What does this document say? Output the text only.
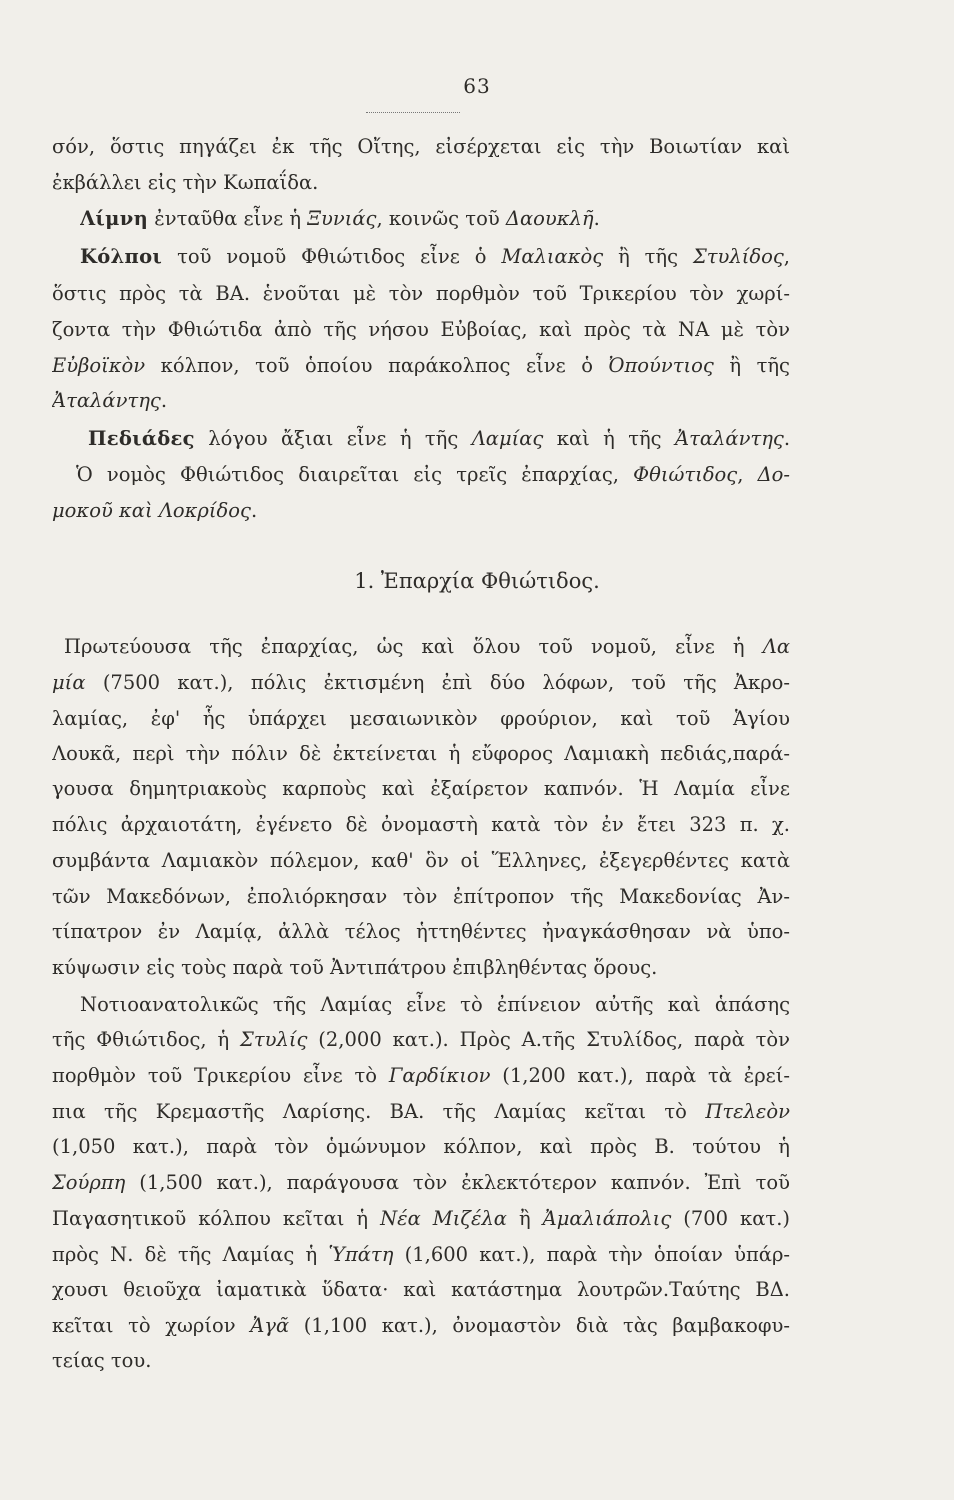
63
σόν, ὅστις πηγάζει ἐκ τῆς Οἴτης, εἰσέρχεται εἰς τὴν Βοιωτίαν καὶ
ἐκβάλλει εἰς τὴν Κωπαΐδα.
Λίμνη ἐνταῦθα εἶνε ἡ Ξυνιάς, κοινῶς τοῦ Δαουκλῆ.
Κόλποι τοῦ νομοῦ Φθιώτιδος εἶνε ὁ Μαλιακὸς ἢ τῆς Στυλίδος,
ὅστις πρὸς τὰ ΒΑ. ἑνοῦται μὲ τὸν πορθμὸν τοῦ Τρικερίου τὸν χωρί-
ζοντα τὴν Φθιώτιδα ἀπὸ τῆς νήσου Εὐβοίας, καὶ πρὸς τὰ ΝΑ μὲ τὸν
Εὐβοϊκὸν κόλπον, τοῦ ὁποίου παράκολπος εἶνε ὁ Ὀπούντιος ἢ τῆς
Ἀταλάντης.
Πεδιάδες λόγου ἄξιαι εἶνε ἡ τῆς Λαμίας καὶ ἡ τῆς Ἀταλάντης.
Ὁ νομὸς Φθιώτιδος διαιρεῖται εἰς τρεῖς ἐπαρχίας, Φθιώτιδος, Δο-
μοκοῦ καὶ Λοκρίδος.
1. Ἐπαρχία Φθιώτιδος.
Πρωτεύουσα τῆς ἐπαρχίας, ὡς καὶ ὅλου τοῦ νομοῦ, εἶνε ἡ Λα
μία (7500 κατ.), πόλις ἐκτισμένη ἐπὶ δύο λόφων, τοῦ τῆς Ἀκρο-
λαμίας, ἐφ' ἧς ὑπάρχει μεσαιωνικὸν φρούριον, καὶ τοῦ Ἁγίου
Λουκᾶ, περὶ τὴν πόλιν δὲ ἐκτείνεται ἡ εὔφορος Λαμιακὴ πεδιάς,παρά-
γουσα δημητριακοὺς καρποὺς καὶ ἐξαίρετον καπνόν. Ἡ Λαμία εἶνε
πόλις ἀρχαιοτάτη, ἐγένετο δὲ ὀνομαστὴ κατὰ τὸν ἐν ἔτει 323 π. χ.
συμβάντα Λαμιακὸν πόλεμον, καθ' ὃν οἱ Ἕλληνες, ἐξεγερθέντες κατὰ
τῶν Μακεδόνων, ἐπολιόρκησαν τὸν ἐπίτροπον τῆς Μακεδονίας Ἀν-
τίπατρον ἐν Λαμίᾳ, ἀλλὰ τέλος ἡττηθέντες ἠναγκάσθησαν νὰ ὑπο-
κύψωσιν εἰς τοὺς παρὰ τοῦ Ἀντιπάτρου ἐπιβληθέντας ὅρους.
Νοτιοανατολικῶς τῆς Λαμίας εἶνε τὸ ἐπίνειον αὐτῆς καὶ ἁπάσης
τῆς Φθιώτιδος, ἡ Στυλίς (2,000 κατ.). Πρὸς Α.τῆς Στυλίδος, παρὰ τὸν
πορθμὸν τοῦ Τρικερίου εἶνε τὸ Γαρδίκιον (1,200 κατ.), παρὰ τὰ ἐρεί-
πια τῆς Κρεμαστῆς Λαρίσης. ΒΑ. τῆς Λαμίας κεῖται τὸ Πτελεὸν
(1,050 κατ.), παρὰ τὸν ὁμώνυμον κόλπον, καὶ πρὸς Β. τούτου ἡ
Σούρπη (1,500 κατ.), παράγουσα τὸν ἐκλεκτότερον καπνόν. Ἐπὶ τοῦ
Παγασητικοῦ κόλπου κεῖται ἡ Νέα Μιζέλα ἢ Ἀμαλιάπολις (700 κατ.)
πρὸς Ν. δὲ τῆς Λαμίας ἡ Ὑπάτη (1,600 κατ.), παρὰ τὴν ὁποίαν ὑπάρ-
χουσι θειοῦχα ἰαματικὰ ὕδατα· καὶ κατάστημα λουτρῶν.Ταύτης ΒΔ.
κεῖται τὸ χωρίον Ἀγᾶ (1,100 κατ.), ὀνομαστὸν διὰ τὰς βαμβακοφυ-
τείας του.
